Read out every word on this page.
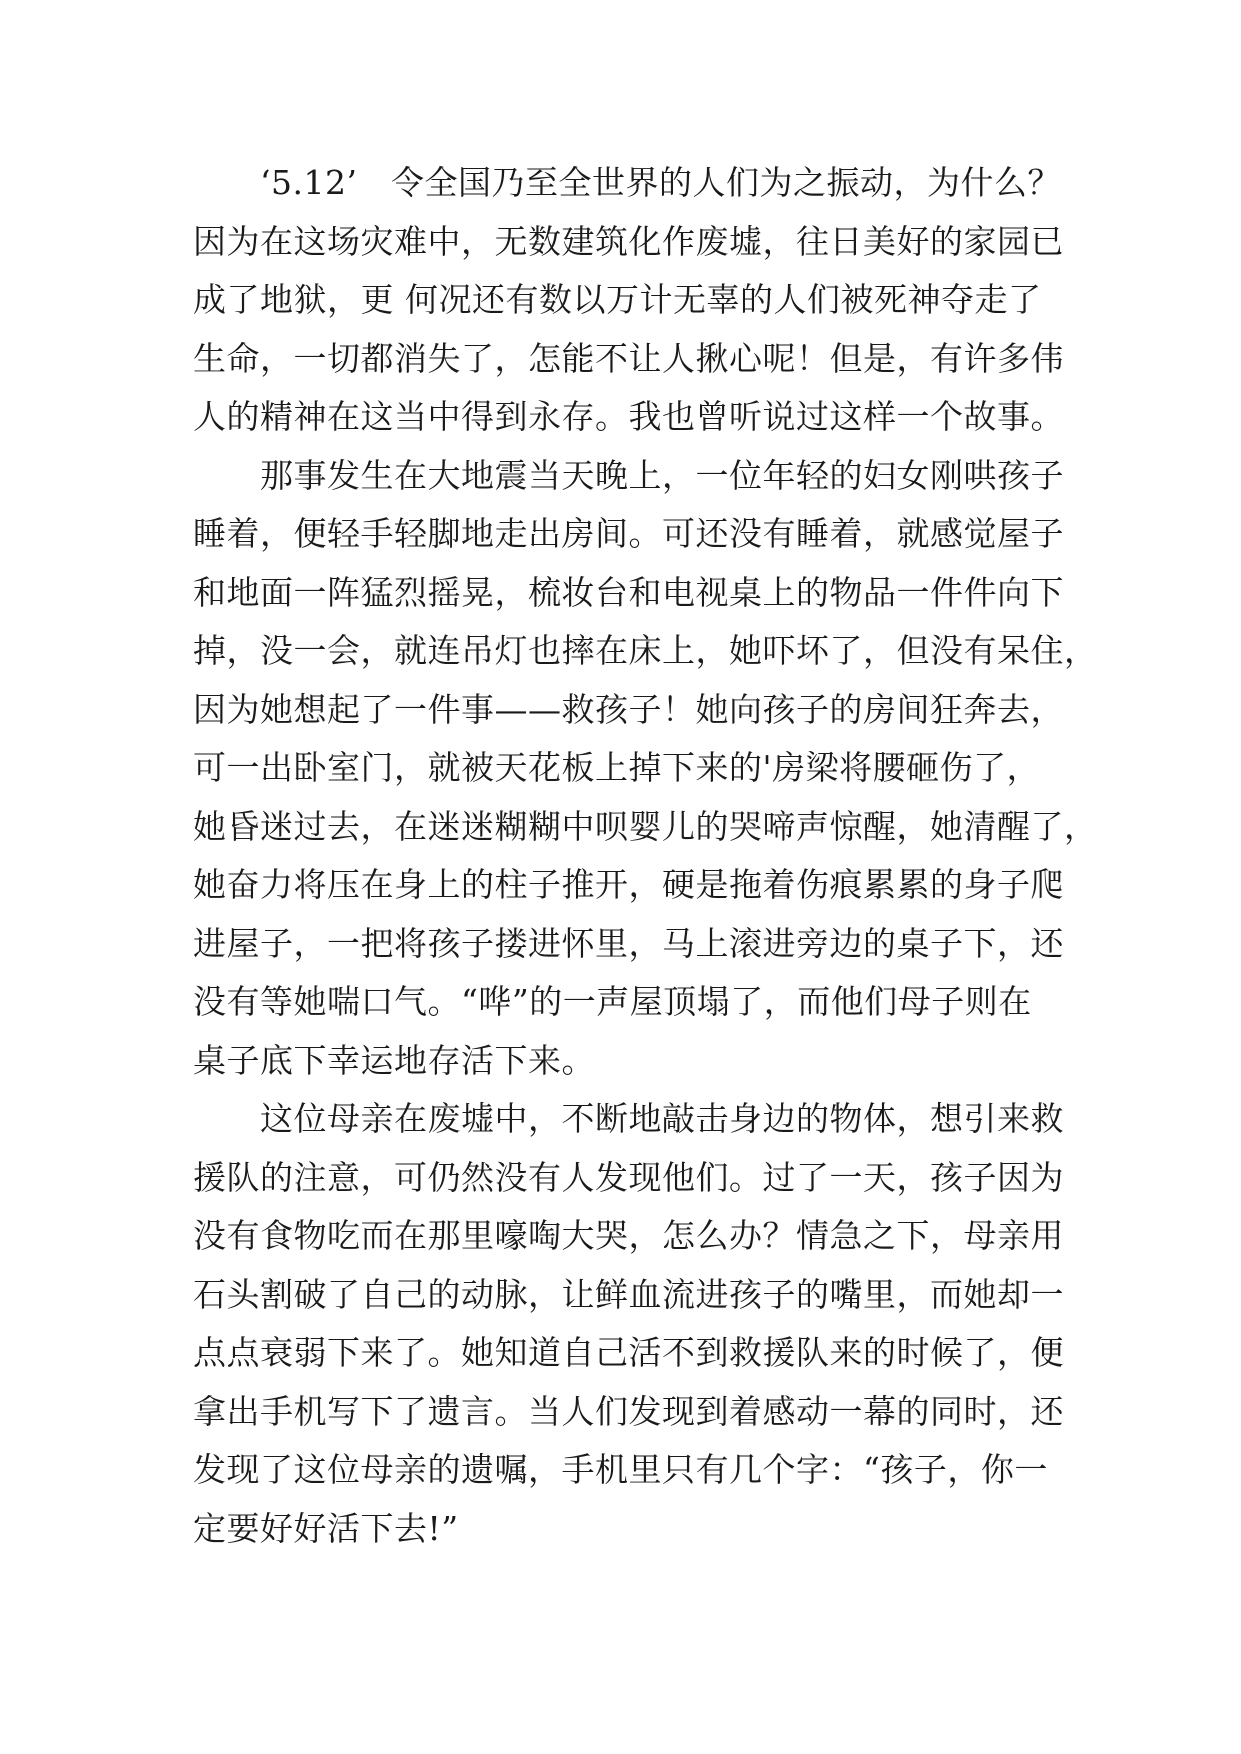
　　‘5.12’　令全国乃至全世界的人们为之振动，为什么？
因为在这场灾难中，无数建筑化作废墟，往日美好的家园已
成了地狱，更 何况还有数以万计无辜的人们被死神夺走了
生命，一切都消失了，怎能不让人揪心呢！但是，有许多伟
人的精神在这当中得到永存。我也曾听说过这样一个故事。
　　那事发生在大地震当天晚上，一位年轻的妇女刚哄孩子
睡着，便轻手轻脚地走出房间。可还没有睡着，就感觉屋子
和地面一阵猛烈摇晃，梳妆台和电视桌上的物品一件件向下
掉，没一会，就连吊灯也摔在床上，她吓坏了，但没有呆住，
因为她想起了一件事——救孩子！她向孩子的房间狂奔去，
可一出卧室门，就被天花板上掉下来的'房梁将腰砸伤了，
她昏迷过去，在迷迷糊糊中呗婴儿的哭啼声惊醒，她清醒了，
她奋力将压在身上的柱子推开，硬是拖着伤痕累累的身子爬
进屋子，一把将孩子搂进怀里，马上滚进旁边的桌子下，还
没有等她喘口气。“哗”的一声屋顶塌了，而他们母子则在
桌子底下幸运地存活下来。
　　这位母亲在废墟中，不断地敲击身边的物体，想引来救
援队的注意，可仍然没有人发现他们。过了一天，孩子因为
没有食物吃而在那里嚎啕大哭，怎么办？情急之下，母亲用
石头割破了自己的动脉，让鲜血流进孩子的嘴里，而她却一
点点衰弱下来了。她知道自己活不到救援队来的时候了，便
拿出手机写下了遗言。当人们发现到着感动一幕的同时，还
发现了这位母亲的遗嘱，手机里只有几个字：“孩子，你一
定要好好活下去!”
